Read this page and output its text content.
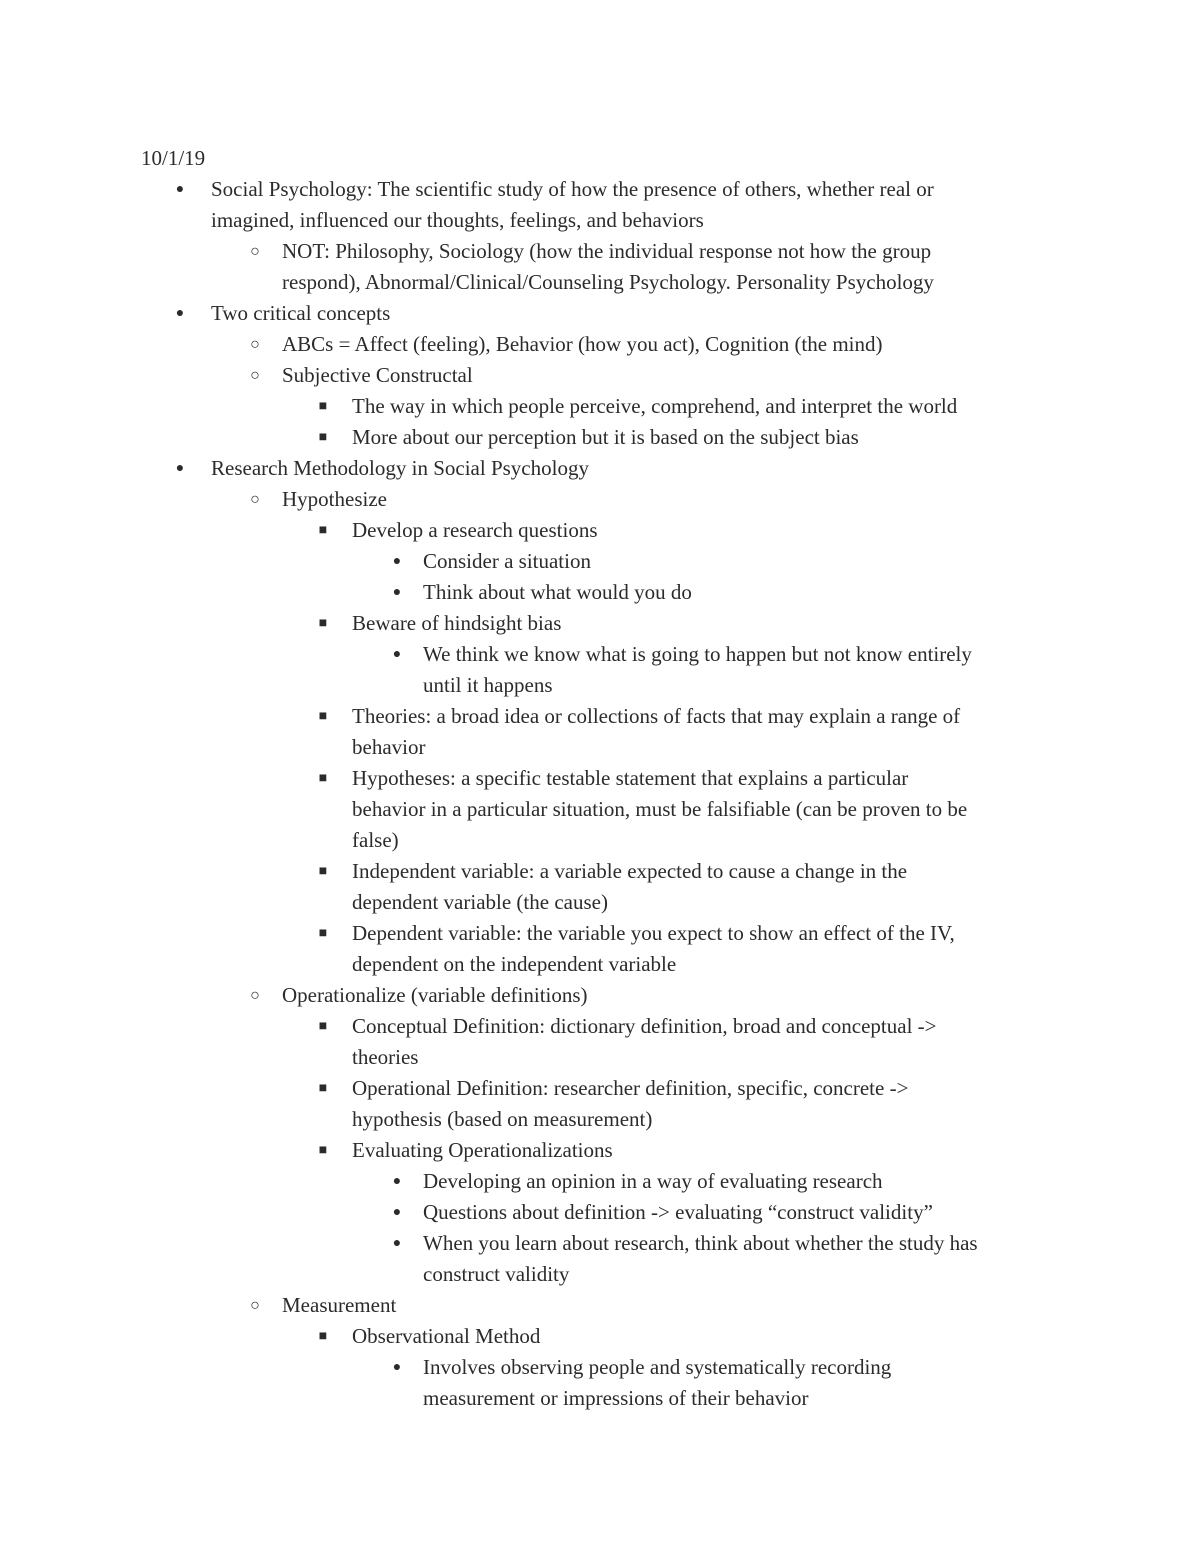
10/1/19
●	Social Psychology: The scientific study of how the presence of others, whether real or
imagined, influenced our thoughts, feelings, and behaviors
○	NOT: Philosophy, Sociology (how the individual response not how the group
respond), Abnormal/Clinical/Counseling Psychology. Personality Psychology
●	Two critical concepts
○	ABCs = Affect (feeling), Behavior (how you act), Cognition (the mind)
○	Subjective Constructal
■	The way in which people perceive, comprehend, and interpret the world
■	More about our perception but it is based on the subject bias
●	Research Methodology in Social Psychology
○	Hypothesize
■	Develop a research questions
●	Consider a situation
●	Think about what would you do
■	Beware of hindsight bias
●	We think we know what is going to happen but not know entirely
until it happens
■	Theories: a broad idea or collections of facts that may explain a range of
behavior
■	Hypotheses: a specific testable statement that explains a particular
behavior in a particular situation, must be falsifiable (can be proven to be
false)
■	Independent variable: a variable expected to cause a change in the
dependent variable (the cause)
■	Dependent variable: the variable you expect to show an effect of the IV,
dependent on the independent variable
○	Operationalize (variable definitions)
■	Conceptual Definition: dictionary definition, broad and conceptual ->
theories
■	Operational Definition: researcher definition, specific, concrete ->
hypothesis (based on measurement)
■	Evaluating Operationalizations
●	Developing an opinion in a way of evaluating research
●	Questions about definition -> evaluating “construct validity”
●	When you learn about research, think about whether the study has
construct validity
○	Measurement
■	Observational Method
●	Involves observing people and systematically recording
measurement or impressions of their behavior
